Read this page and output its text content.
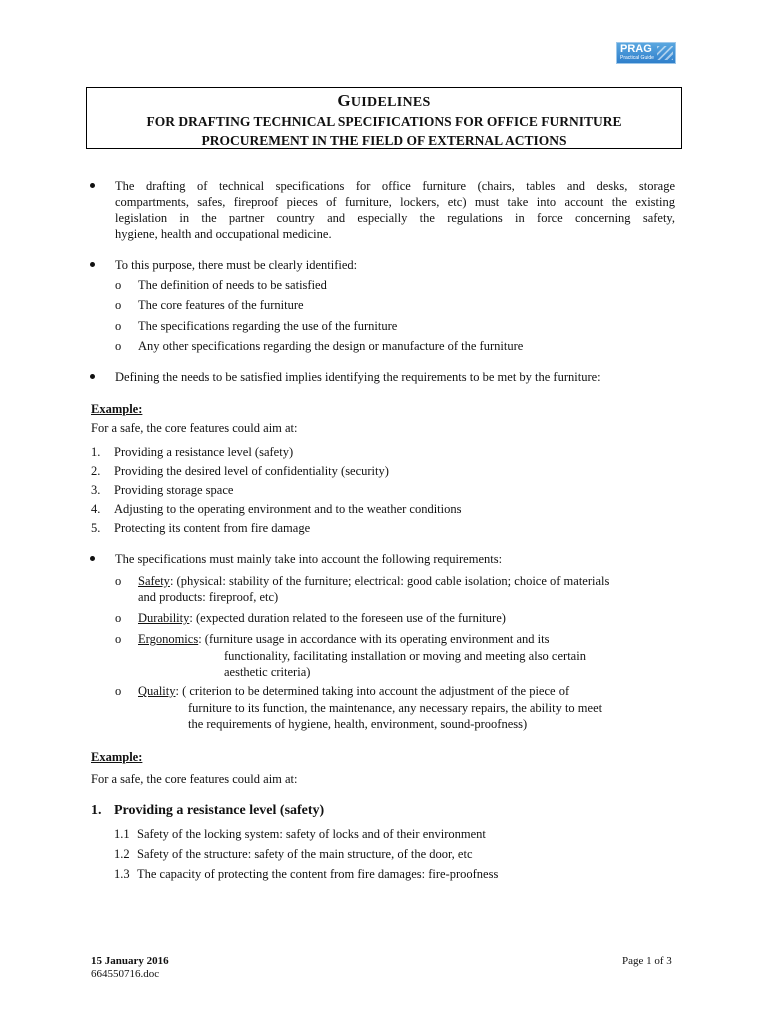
PRAG
Practical Guide
GUIDELINES
FOR DRAFTING TECHNICAL SPECIFICATIONS FOR OFFICE FURNITURE
PROCUREMENT IN THE FIELD OF EXTERNAL ACTIONS
The drafting of technical specifications for office furniture (chairs, tables and desks, storage
compartments, safes, fireproof pieces of furniture, lockers, etc) must take into account the existing
legislation in the partner country and especially the regulations in force concerning safety,
hygiene, health and occupational medicine.
To this purpose, there must be clearly identified:
o The definition of needs to be satisfied
o The core features of the furniture
o The specifications regarding the use of the furniture
o Any other specifications regarding the design or manufacture of the furniture
Defining the needs to be satisfied implies identifying the requirements to be met by the furniture:
Example:
For a safe, the core features could aim at:
1. Providing a resistance level (safety)
2. Providing the desired level of confidentiality (security)
3. Providing storage space
4. Adjusting to the operating environment and to the weather conditions
5. Protecting its content from fire damage
The specifications must mainly take into account the following requirements:
o Safety: (physical: stability of the furniture; electrical: good cable isolation; choice of materials
and products: fireproof, etc)
o Durability: (expected duration related to the foreseen use of the furniture)
o Ergonomics: (furniture usage in accordance with its operating environment and its
functionality, facilitating installation or moving and meeting also certain
aesthetic criteria)
o Quality: ( criterion to be determined taking into account the adjustment of the piece of
furniture to its function, the maintenance, any necessary repairs, the ability to meet
the requirements of hygiene, health, environment, sound-proofness)
Example:
For a safe, the core features could aim at:
1. Providing a resistance level (safety)
1.1 Safety of the locking system: safety of locks and of their environment
1.2 Safety of the structure: safety of the main structure, of the door, etc
1.3 The capacity of protecting the content from fire damages: fire-proofness
15 January 2016
664550716.doc
Page 1 of 3
